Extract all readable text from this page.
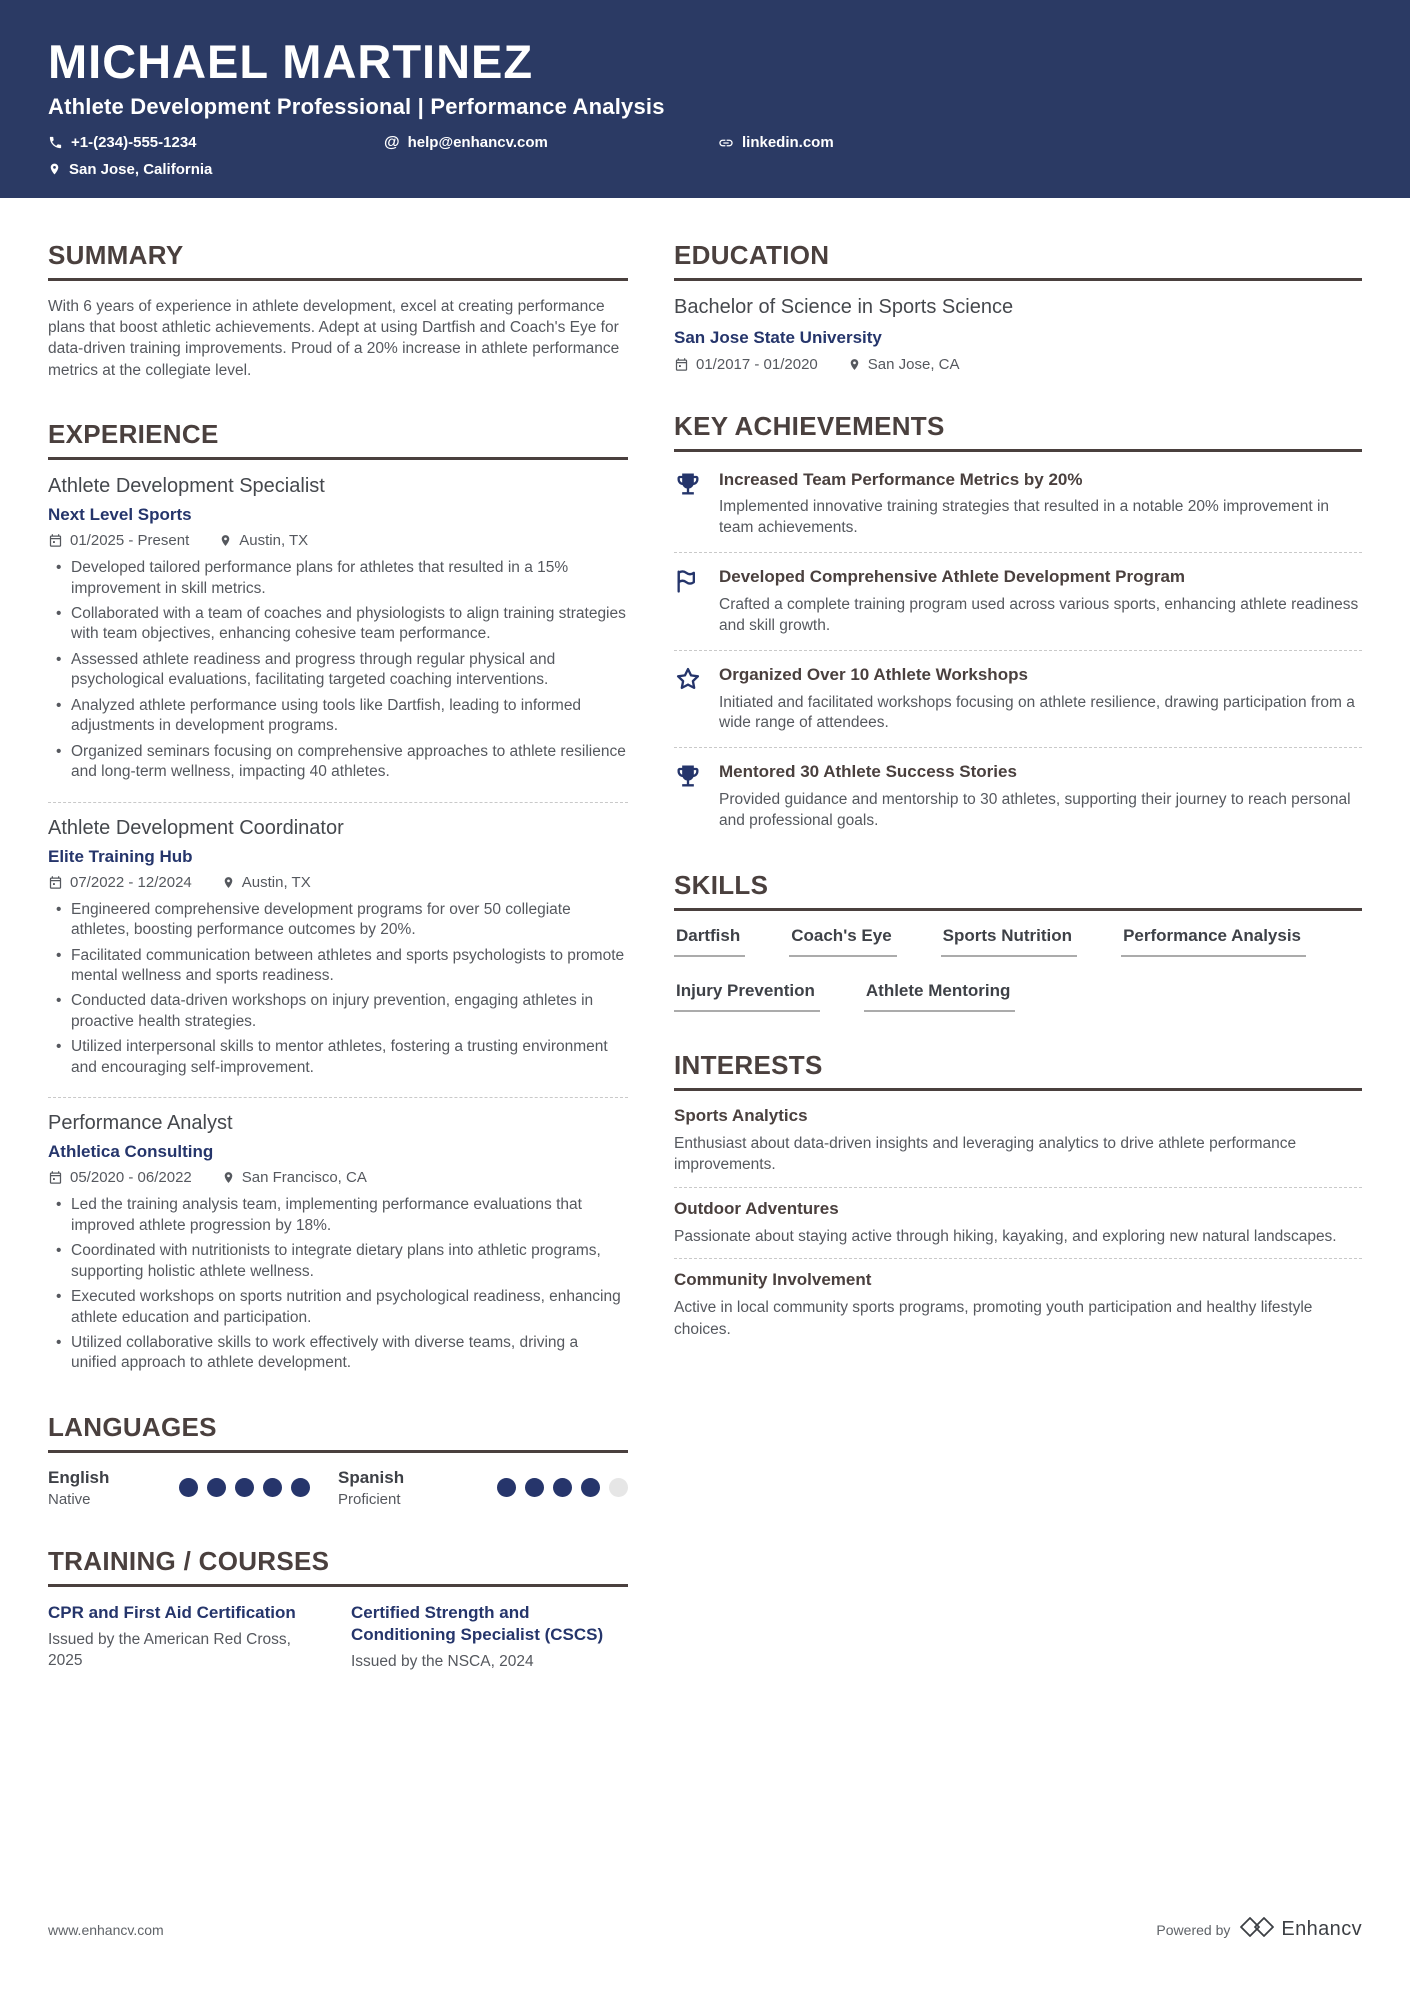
MICHAEL MARTINEZ
Athlete Development Professional | Performance Analysis
+1-(234)-555-1234	@ help@enhancv.com	linkedin.com
San Jose, California
SUMMARY
With 6 years of experience in athlete development, excel at creating performance plans that boost athletic achievements. Adept at using Dartfish and Coach's Eye for data-driven training improvements. Proud of a 20% increase in athlete performance metrics at the collegiate level.
EXPERIENCE
Athlete Development Specialist
Next Level Sports
01/2025 - Present	Austin, TX
• Developed tailored performance plans for athletes that resulted in a 15% improvement in skill metrics.
• Collaborated with a team of coaches and physiologists to align training strategies with team objectives, enhancing cohesive team performance.
• Assessed athlete readiness and progress through regular physical and psychological evaluations, facilitating targeted coaching interventions.
• Analyzed athlete performance using tools like Dartfish, leading to informed adjustments in development programs.
• Organized seminars focusing on comprehensive approaches to athlete resilience and long-term wellness, impacting 40 athletes.
Athlete Development Coordinator
Elite Training Hub
07/2022 - 12/2024	Austin, TX
• Engineered comprehensive development programs for over 50 collegiate athletes, boosting performance outcomes by 20%.
• Facilitated communication between athletes and sports psychologists to promote mental wellness and sports readiness.
• Conducted data-driven workshops on injury prevention, engaging athletes in proactive health strategies.
• Utilized interpersonal skills to mentor athletes, fostering a trusting environment and encouraging self-improvement.
Performance Analyst
Athletica Consulting
05/2020 - 06/2022	San Francisco, CA
• Led the training analysis team, implementing performance evaluations that improved athlete progression by 18%.
• Coordinated with nutritionists to integrate dietary plans into athletic programs, supporting holistic athlete wellness.
• Executed workshops on sports nutrition and psychological readiness, enhancing athlete education and participation.
• Utilized collaborative skills to work effectively with diverse teams, driving a unified approach to athlete development.
LANGUAGES
English
Native
Spanish
Proficient
TRAINING / COURSES
CPR and First Aid Certification
Issued by the American Red Cross, 2025
Certified Strength and Conditioning Specialist (CSCS)
Issued by the NSCA, 2024
EDUCATION
Bachelor of Science in Sports Science
San Jose State University
01/2017 - 01/2020	San Jose, CA
KEY ACHIEVEMENTS
Increased Team Performance Metrics by 20%
Implemented innovative training strategies that resulted in a notable 20% improvement in team achievements.
Developed Comprehensive Athlete Development Program
Crafted a complete training program used across various sports, enhancing athlete readiness and skill growth.
Organized Over 10 Athlete Workshops
Initiated and facilitated workshops focusing on athlete resilience, drawing participation from a wide range of attendees.
Mentored 30 Athlete Success Stories
Provided guidance and mentorship to 30 athletes, supporting their journey to reach personal and professional goals.
SKILLS
Dartfish	Coach's Eye	Sports Nutrition	Performance Analysis
Injury Prevention	Athlete Mentoring
INTERESTS
Sports Analytics
Enthusiast about data-driven insights and leveraging analytics to drive athlete performance improvements.
Outdoor Adventures
Passionate about staying active through hiking, kayaking, and exploring new natural landscapes.
Community Involvement
Active in local community sports programs, promoting youth participation and healthy lifestyle choices.
www.enhancv.com	Powered by	Enhancv
